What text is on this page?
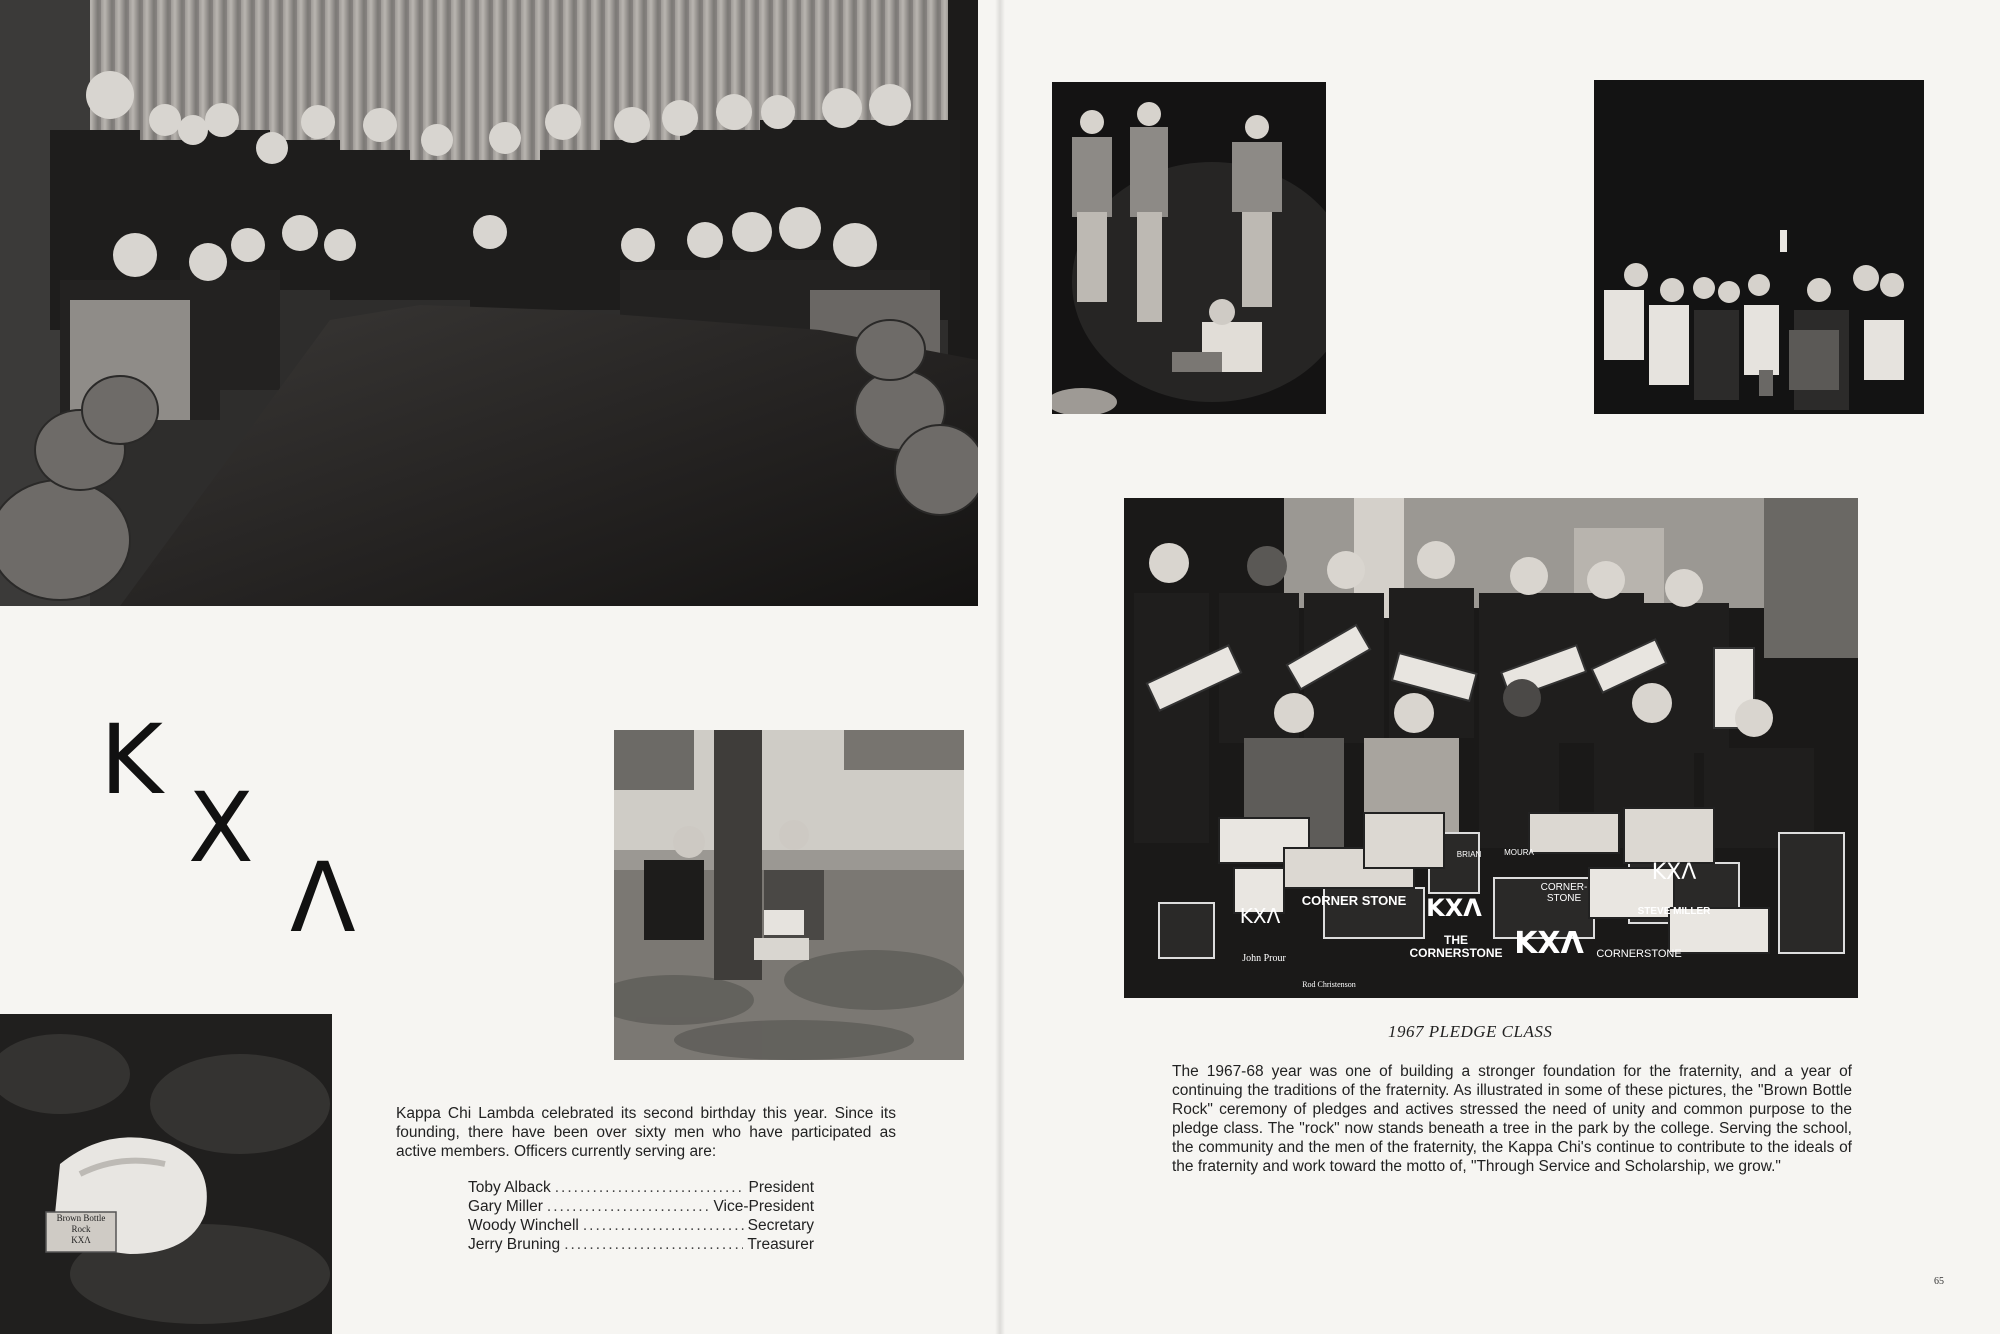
K
X
Λ
Brown Bottle
Rock
KXΛ
Kappa Chi Lambda celebrated its second birthday this year. Since its founding, there have been over sixty men who have participated as active members. Officers currently serving are:
Toby Alback .....	President
Gary Miller .....	Vice-President
Woody Winchell .....	Secretary
Jerry Bruning .....	Treasurer
CORNER STONE
THE CORNERSTONE KXΛ
KXΛ	KXΛ
KXΛ
CORNERSTONE
STEVE MILLER
John Prour
Rod Christenson
BRIAN	MOURA
CORNER-STONE
1967 PLEDGE CLASS
The 1967-68 year was one of building a stronger foundation for the fraternity, and a year of continuing the traditions of the fraternity. As illustrated in some of these pictures, the "Brown Bottle Rock" ceremony of pledges and actives stressed the need of unity and common purpose to the pledge class. The "rock" now stands beneath a tree in the park by the college. Serving the school, the community and the men of the fraternity, the Kappa Chi's continue to contribute to the ideals of the fraternity and work toward the motto of, "Through Service and Scholarship, we grow."
65
